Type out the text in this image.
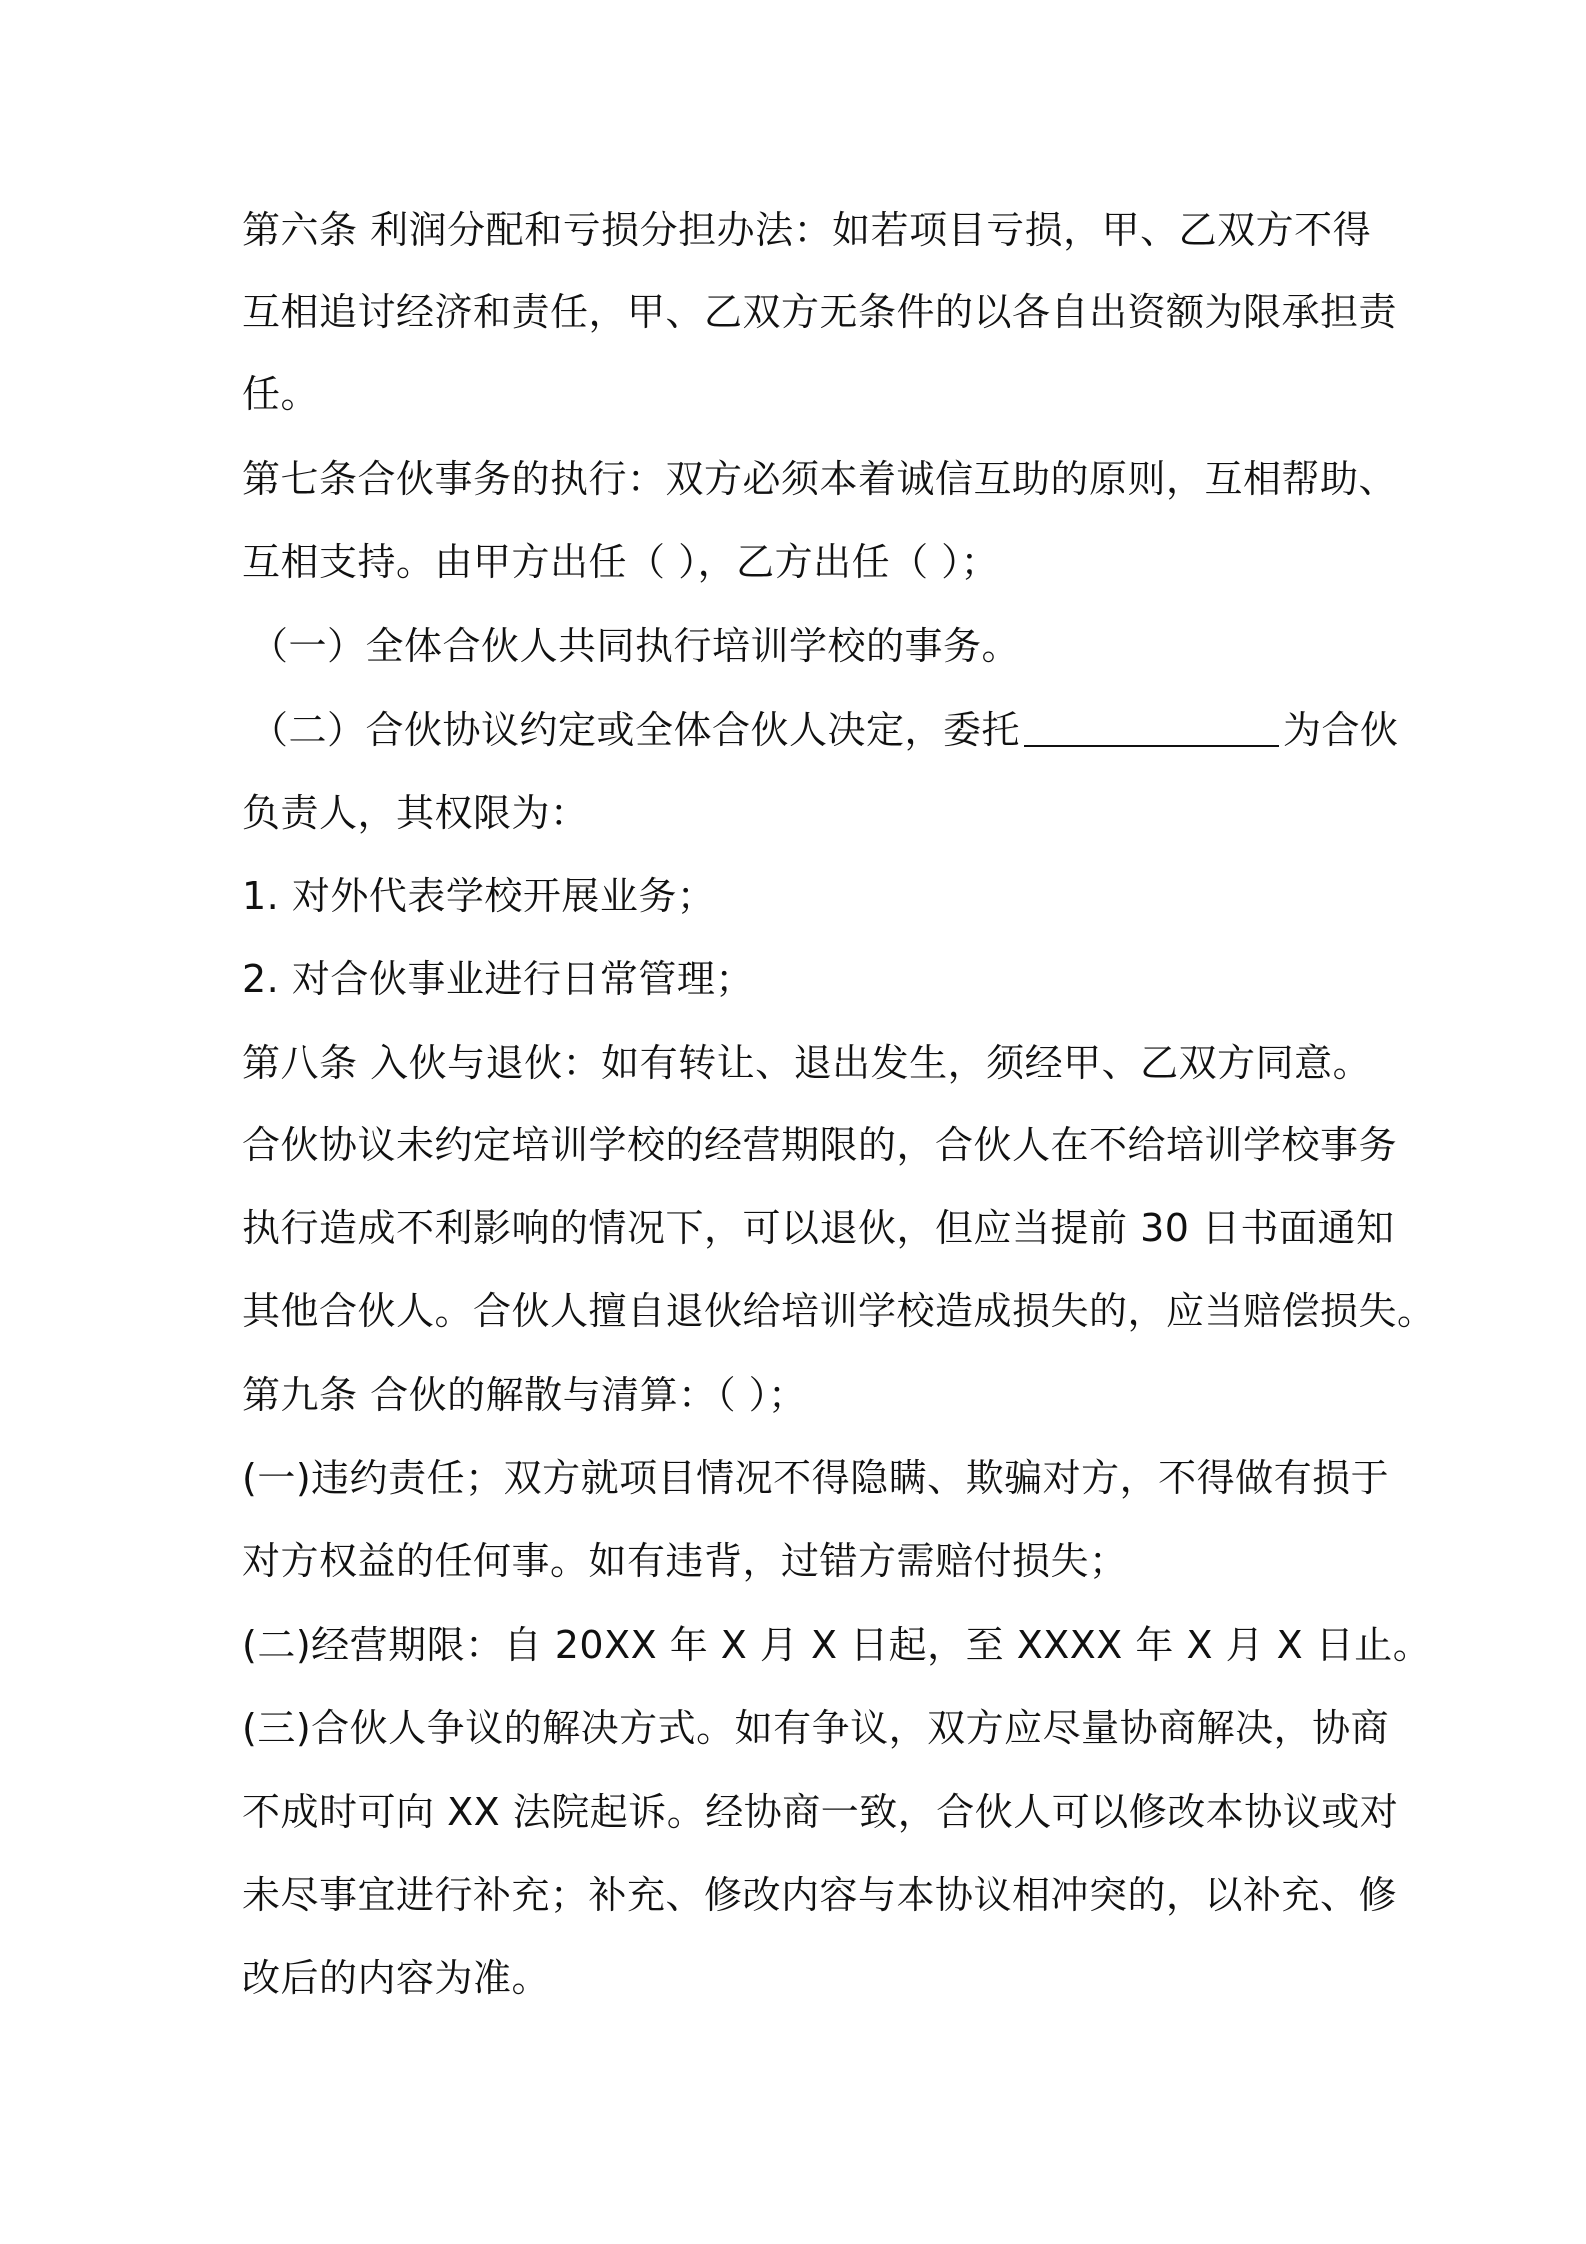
第六条 利润分配和亏损分担办法：如若项目亏损，甲、乙双方不得
互相追讨经济和责任，甲、乙双方无条件的以各自出资额为限承担责
任。
第七条合伙事务的执行：双方必须本着诚信互助的原则，互相帮助、
互相支持。由甲方出任（ ），乙方出任（ ）；
（一）全体合伙人共同执行培训学校的事务。
（二）合伙协议约定或全体合伙人决定，委托	为合伙
负责人，其权限为：
1. 对外代表学校开展业务；
2. 对合伙事业进行日常管理；
第八条 入伙与退伙：如有转让、退出发生，须经甲、乙双方同意。
合伙协议未约定培训学校的经营期限的，合伙人在不给培训学校事务
执行造成不利影响的情况下，可以退伙，但应当提前 30 日书面通知
其他合伙人。合伙人擅自退伙给培训学校造成损失的，应当赔偿损失。
第九条 合伙的解散与清算：（ ）；
(一)违约责任；双方就项目情况不得隐瞒、欺骗对方，不得做有损于
对方权益的任何事。如有违背，过错方需赔付损失；
(二)经营期限：自 20XX 年 X 月 X 日起，至 XXXX 年 X 月 X 日止。
(三)合伙人争议的解决方式。如有争议，双方应尽量协商解决，协商
不成时可向 XX 法院起诉。经协商一致，合伙人可以修改本协议或对
未尽事宜进行补充；补充、修改内容与本协议相冲突的，以补充、修
改后的内容为准。
